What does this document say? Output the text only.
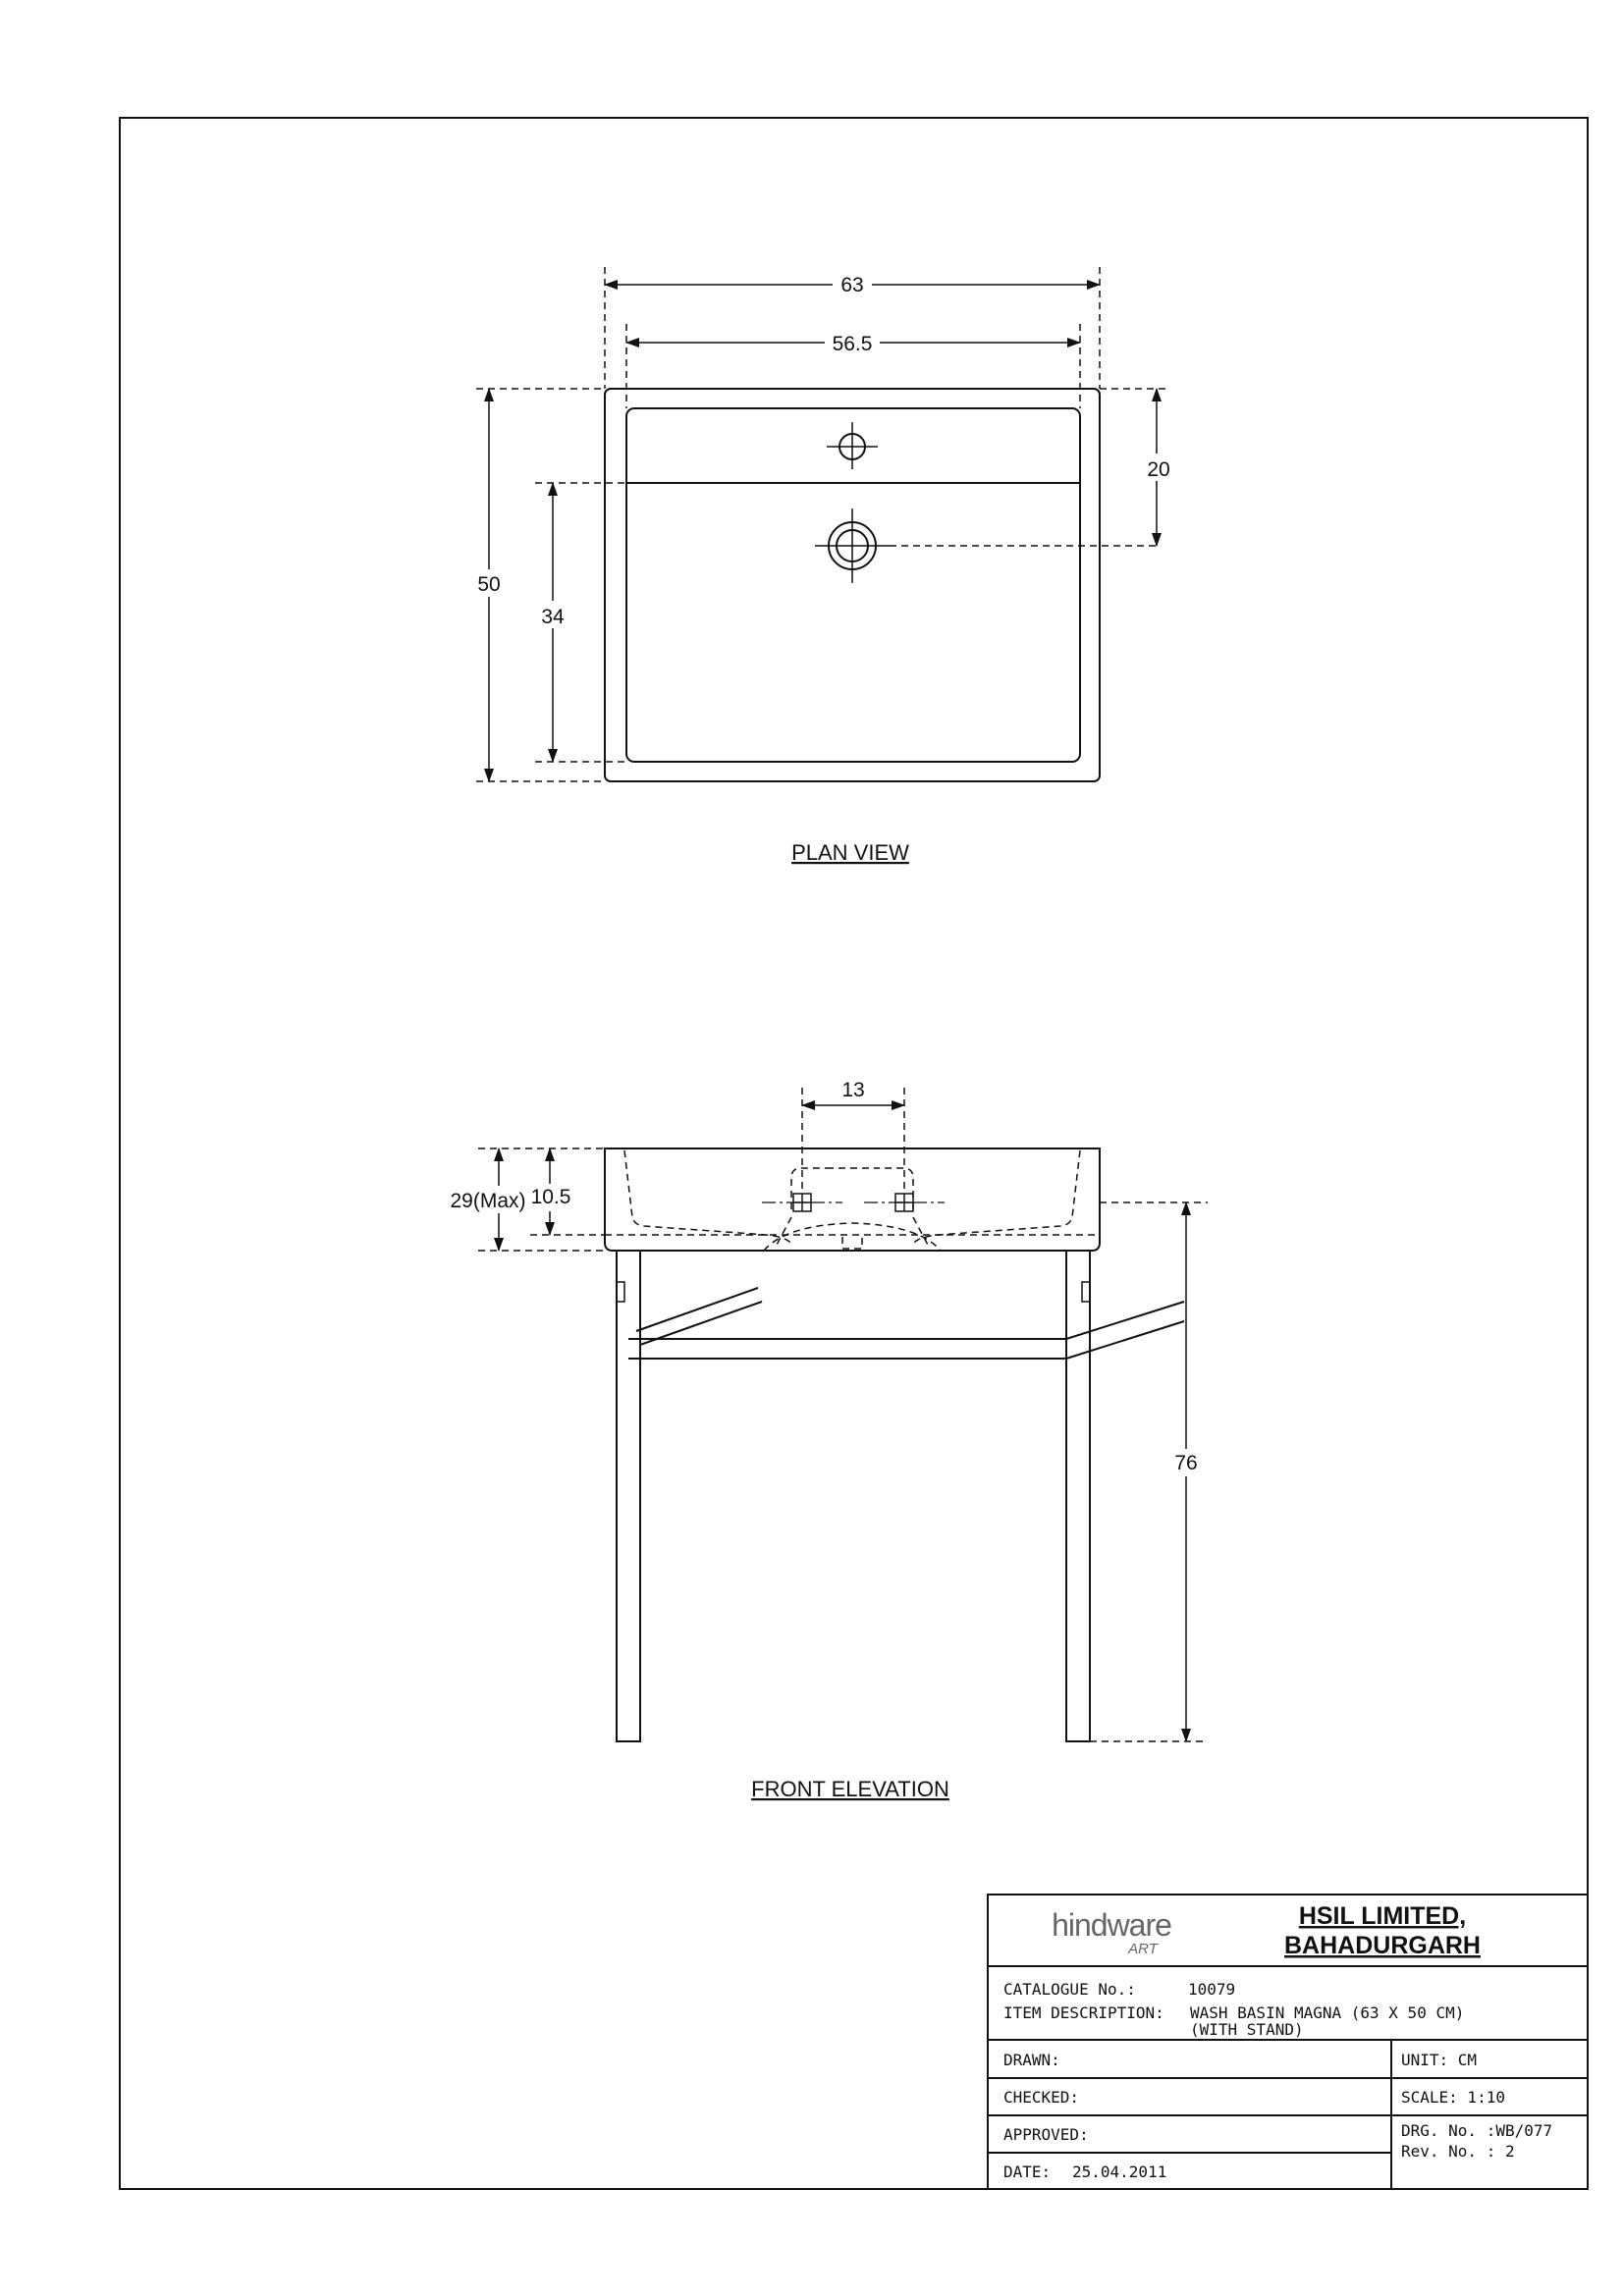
63
56.5
50
34
20
PLAN VIEW
13
29(Max) 10.5
76
FRONT ELEVATION
hindware
ART
HSIL LIMITED,
BAHADURGARH
CATALOGUE No.:	10079
ITEM DESCRIPTION: WASH BASIN MAGNA (63 X 50 CM)
(WITH STAND)
DRAWN:
CHECKED:
APPROVED:
DATE: 25.04.2011
UNIT: CM
SCALE: 1:10
DRG. No. :WB/077
Rev. No. : 2
